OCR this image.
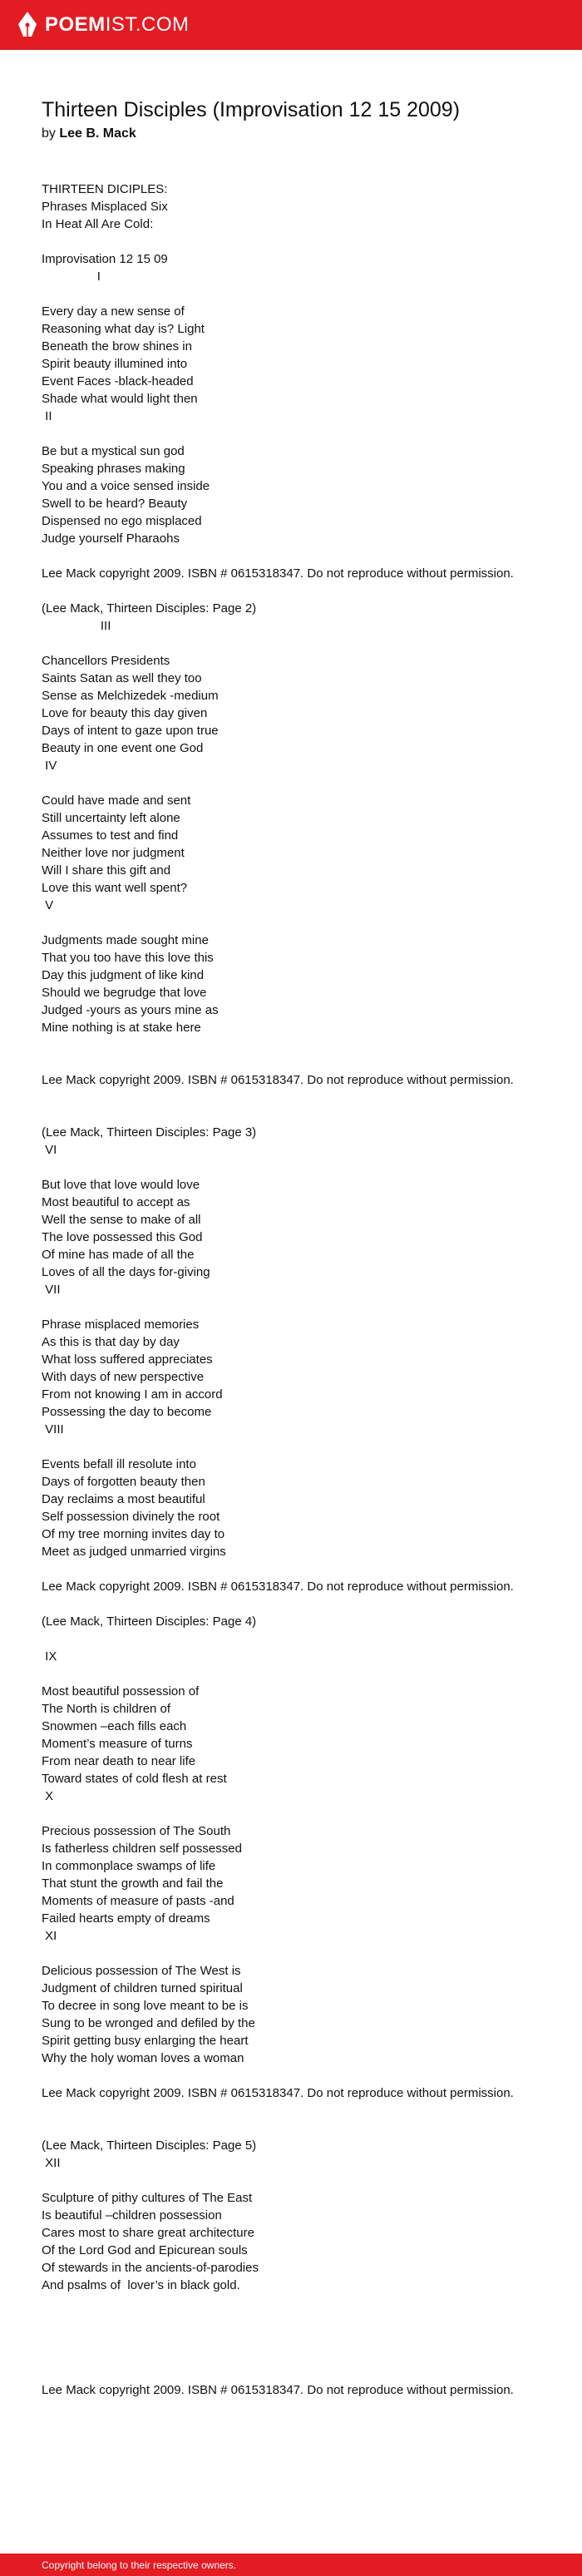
POEMIST.COM
Thirteen Disciples (Improvisation 12 15 2009)
by Lee B. Mack
THIRTEEN DICIPLES:
Phrases Misplaced Six
In Heat All Are Cold:

Improvisation 12 15 09
I

Every day a new sense of
Reasoning what day is? Light
Beneath the brow shines in
Spirit beauty illumined into
Event Faces -black-headed
Shade what would light then
II

Be but a mystical sun god
Speaking phrases making
You and a voice sensed inside
Swell to be heard? Beauty
Dispensed no ego misplaced
Judge yourself Pharaohs

Lee Mack copyright 2009. ISBN # 0615318347. Do not reproduce without permission.

(Lee Mack, Thirteen Disciples: Page 2)
III

Chancellors Presidents
Saints Satan as well they too
Sense as Melchizedek -medium
Love for beauty this day given
Days of intent to gaze upon true
Beauty in one event one God
IV

Could have made and sent
Still uncertainty left alone
Assumes to test and find
Neither love nor judgment
Will I share this gift and
Love this want well spent?
V

Judgments made sought mine
That you too have this love this
Day this judgment of like kind
Should we begrudge that love
Judged -yours as yours mine as
Mine nothing is at stake here

Lee Mack copyright 2009. ISBN # 0615318347. Do not reproduce without permission.

(Lee Mack, Thirteen Disciples: Page 3)
VI

But love that love would love
Most beautiful to accept as
Well the sense to make of all
The love possessed this God
Of mine has made of all the
Loves of all the days for-giving
VII

Phrase misplaced memories
As this is that day by day
What loss suffered appreciates
With days of new perspective
From not knowing I am in accord
Possessing the day to become
VIII

Events befall ill resolute into
Days of forgotten beauty then
Day reclaims a most beautiful
Self possession divinely the root
Of my tree morning invites day to
Meet as judged unmarried virgins

Lee Mack copyright 2009. ISBN # 0615318347. Do not reproduce without permission.

(Lee Mack, Thirteen Disciples: Page 4)

IX

Most beautiful possession of
The North is children of
Snowmen –each fills each
Moment’s measure of turns
From near death to near life
Toward states of cold flesh at rest
X

Precious possession of The South
Is fatherless children self possessed
In commonplace swamps of life
That stunt the growth and fail the
Moments of measure of pasts -and
Failed hearts empty of dreams
XI

Delicious possession of The West is
Judgment of children turned spiritual
To decree in song love meant to be is
Sung to be wronged and defiled by the
Spirit getting busy enlarging the heart
Why the holy woman loves a woman

Lee Mack copyright 2009. ISBN # 0615318347. Do not reproduce without permission.

(Lee Mack, Thirteen Disciples: Page 5)
XII

Sculpture of pithy cultures of The East
Is beautiful –children possession
Cares most to share great architecture
Of the Lord God and Epicurean souls
Of stewards in the ancients-of-parodies
And psalms of  lover’s in black gold.

Lee Mack copyright 2009. ISBN # 0615318347. Do not reproduce without permission.
Copyright belong to their respective owners.
